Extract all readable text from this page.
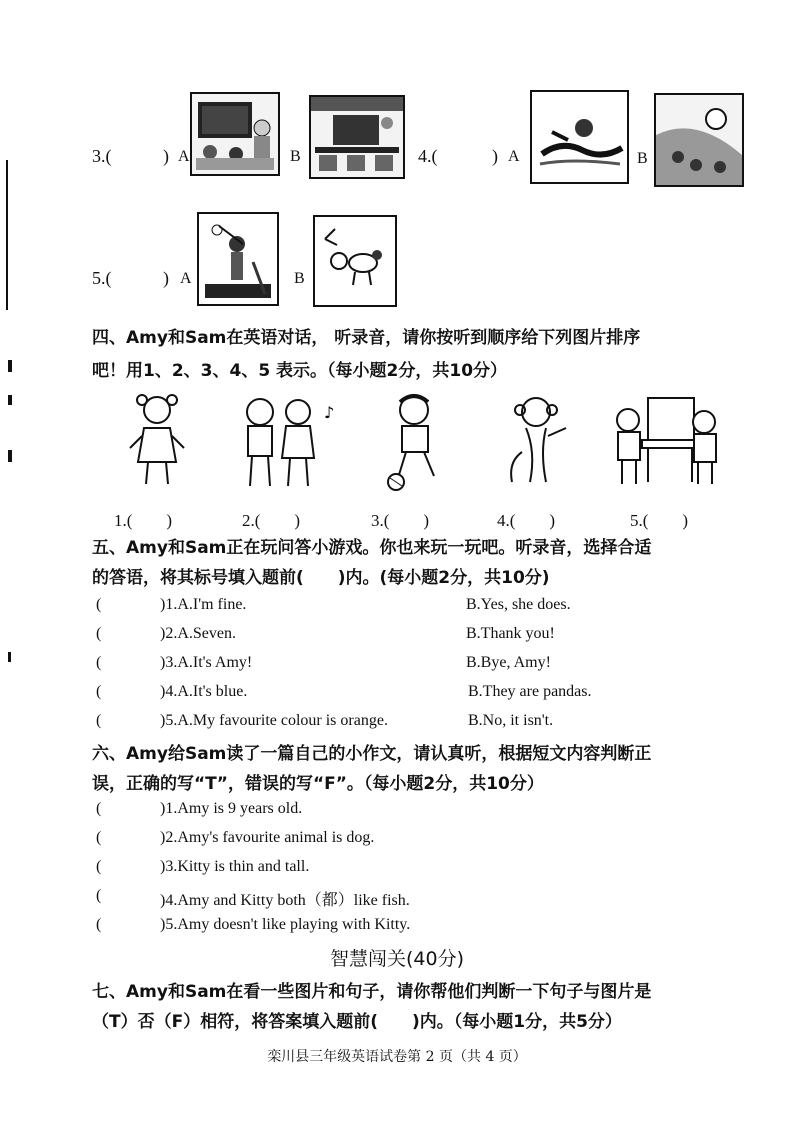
3.(	) A	B	4.(	) A	B
5.(	) A	B
四、Amy和Sam在英语对话， 听录音，请你按听到顺序给下列图片排序
吧！用1、2、3、4、5 表示。（每小题2分，共10分）
♪
1.(　　)	2.(　　)	3.(　　)	4.(　　)	5.(　　)
五、Amy和Sam正在玩问答小游戏。你也来玩一玩吧。听录音，选择合适
的答语，将其标号填入题前(　　)内。(每小题2分，共10分)
(	)1.A.I'm fine.	B.Yes, she does.
(	)2.A.Seven.	B.Thank you!
(	)3.A.It's Amy!	B.Bye, Amy!
(	)4.A.It's blue.	B.They are pandas.
(	)5.A.My favourite colour is orange.	B.No, it isn't.
六、Amy给Sam读了一篇自己的小作文，请认真听，根据短文内容判断正
误，正确的写“T”，错误的写“F”。（每小题2分，共10分）
(	)1.Amy is 9 years old.
(	)2.Amy's favourite animal is dog.
(	)3.Kitty is thin and tall.
(	)4.Amy and Kitty both（都）like fish.
(	)5.Amy doesn't like playing with Kitty.
智慧闯关(40分)
七、Amy和Sam在看一些图片和句子，请你帮他们判断一下句子与图片是
（T）否（F）相符，将答案填入题前(　　)内。（每小题1分，共5分）
栾川县三年级英语试卷第 2 页（共 4 页）
